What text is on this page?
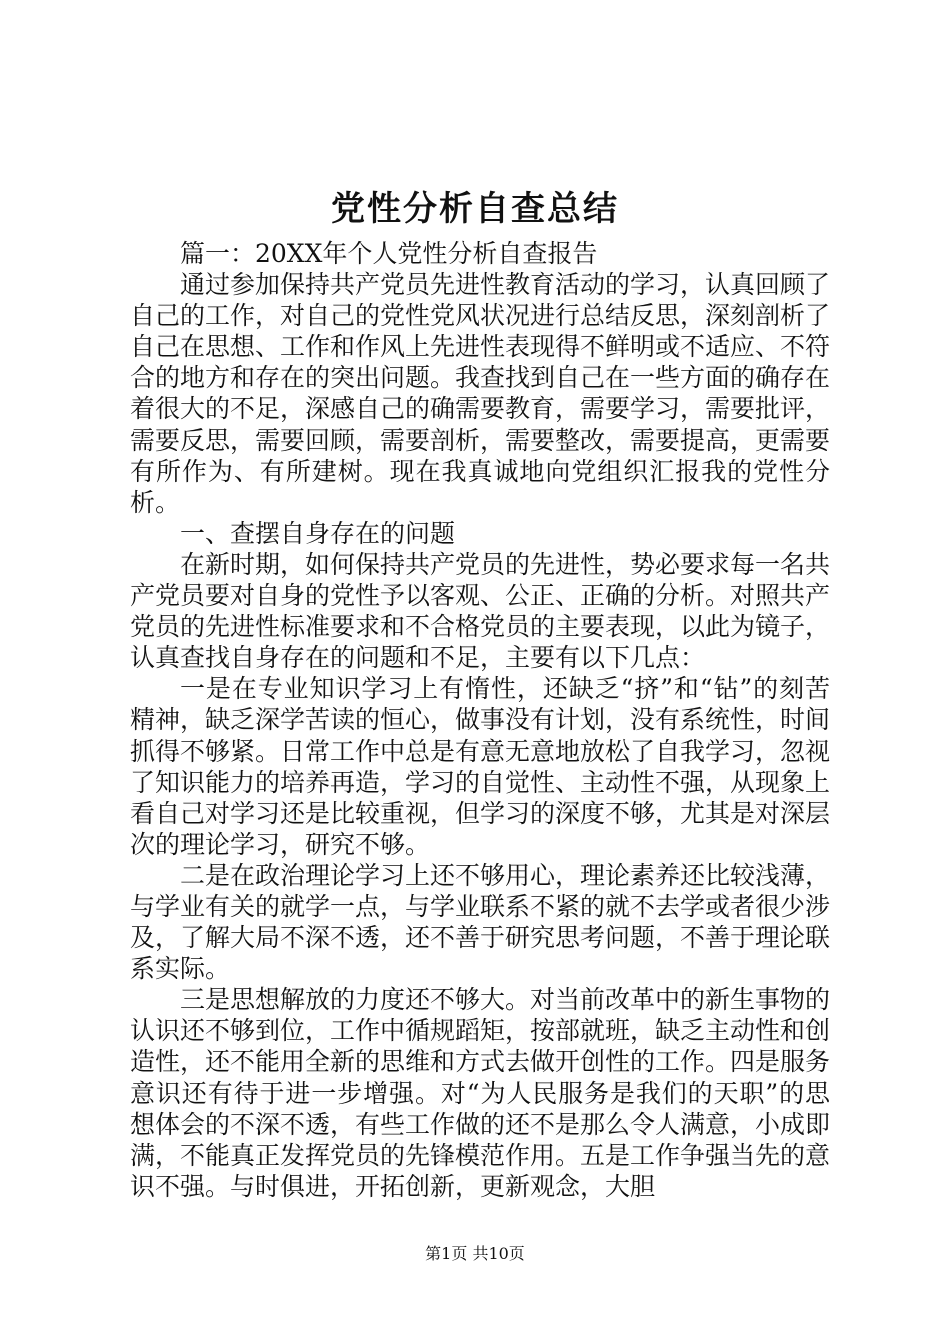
党性分析自查总结

篇一：20XX年个人党性分析自查报告

通过参加保持共产党员先进性教育活动的学习，认真回顾了自己的工作，对自己的党性党风状况进行总结反思，深刻剖析了自己在思想、工作和作风上先进性表现得不鲜明或不适应、不符合的地方和存在的突出问题。我查找到自己在一些方面的确存在着很大的不足，深感自己的确需要教育，需要学习，需要批评，需要反思，需要回顾，需要剖析，需要整改，需要提高，更需要有所作为、有所建树。现在我真诚地向党组织汇报我的党性分析。

一、查摆自身存在的问题

在新时期，如何保持共产党员的先进性，势必要求每一名共产党员要对自身的党性予以客观、公正、正确的分析。对照共产党员的先进性标准要求和不合格党员的主要表现，以此为镜子，认真查找自身存在的问题和不足，主要有以下几点：

一是在专业知识学习上有惰性，还缺乏“挤”和“钻”的刻苦精神，缺乏深学苦读的恒心，做事没有计划，没有系统性，时间抓得不够紧。日常工作中总是有意无意地放松了自我学习，忽视了知识能力的培养再造，学习的自觉性、主动性不强，从现象上看自己对学习还是比较重视，但学习的深度不够，尤其是对深层次的理论学习，研究不够。

二是在政治理论学习上还不够用心，理论素养还比较浅薄，与学业有关的就学一点，与学业联系不紧的就不去学或者很少涉及，了解大局不深不透，还不善于研究思考问题，不善于理论联系实际。

三是思想解放的力度还不够大。对当前改革中的新生事物的认识还不够到位，工作中循规蹈矩，按部就班，缺乏主动性和创造性，还不能用全新的思维和方式去做开创性的工作。四是服务意识还有待于进一步增强。对“为人民服务是我们的天职”的思想体会的不深不透，有些工作做的还不是那么令人满意，小成即满，不能真正发挥党员的先锋模范作用。五是工作争强当先的意识不强。与时俱进，开拓创新，更新观念，大胆

第1页 共10页
